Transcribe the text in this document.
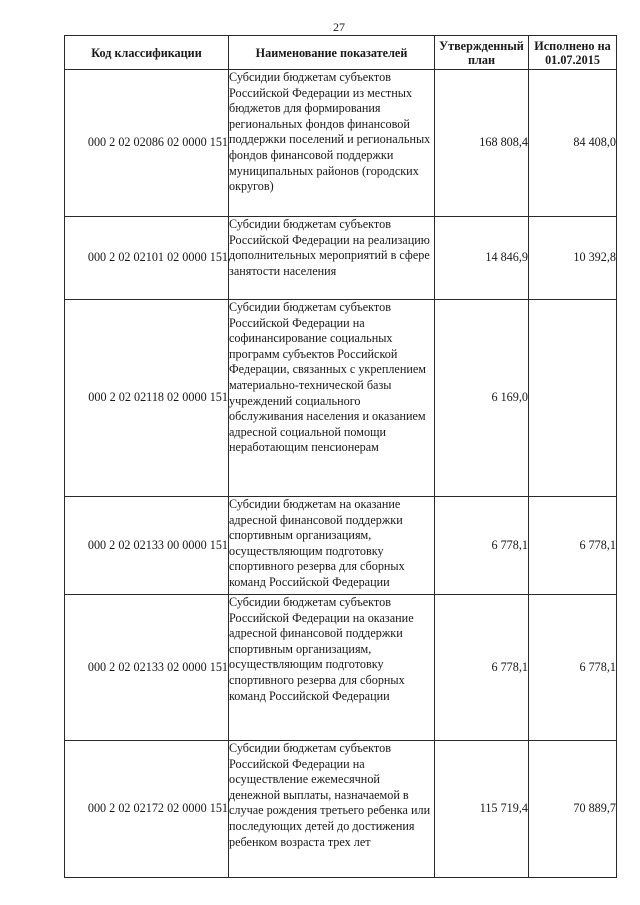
27
Код классификации	Наименование показателей	Утвержденный план	Исполнено на 01.07.2015
000 2 02 02086 02 0000 151	Субсидии бюджетам субъектов Российской Федерации из местных бюджетов для формирования региональных фондов финансовой поддержки поселений и региональных фондов финансовой поддержки муниципальных районов (городских округов)	168 808,4	84 408,0
000 2 02 02101 02 0000 151	Субсидии бюджетам субъектов Российской Федерации на реализацию дополнительных мероприятий в сфере занятости населения	14 846,9	10 392,8
000 2 02 02118 02 0000 151	Субсидии бюджетам субъектов Российской Федерации на софинансирование социальных программ субъектов Российской Федерации, связанных с укреплением материально-технической базы учреждений социального обслуживания населения и оказанием адресной социальной помощи неработающим пенсионерам	6 169,0	
000 2 02 02133 00 0000 151	Субсидии бюджетам на оказание адресной финансовой поддержки спортивным организациям, осуществляющим подготовку спортивного резерва для сборных команд Российской Федерации	6 778,1	6 778,1
000 2 02 02133 02 0000 151	Субсидии бюджетам субъектов Российской Федерации на оказание адресной финансовой поддержки спортивным организациям, осуществляющим подготовку спортивного резерва для сборных команд Российской Федерации	6 778,1	6 778,1
000 2 02 02172 02 0000 151	Субсидии бюджетам субъектов Российской Федерации на осуществление ежемесячной денежной выплаты, назначаемой в случае рождения третьего ребенка или последующих детей до достижения ребенком возраста трех лет	115 719,4	70 889,7
